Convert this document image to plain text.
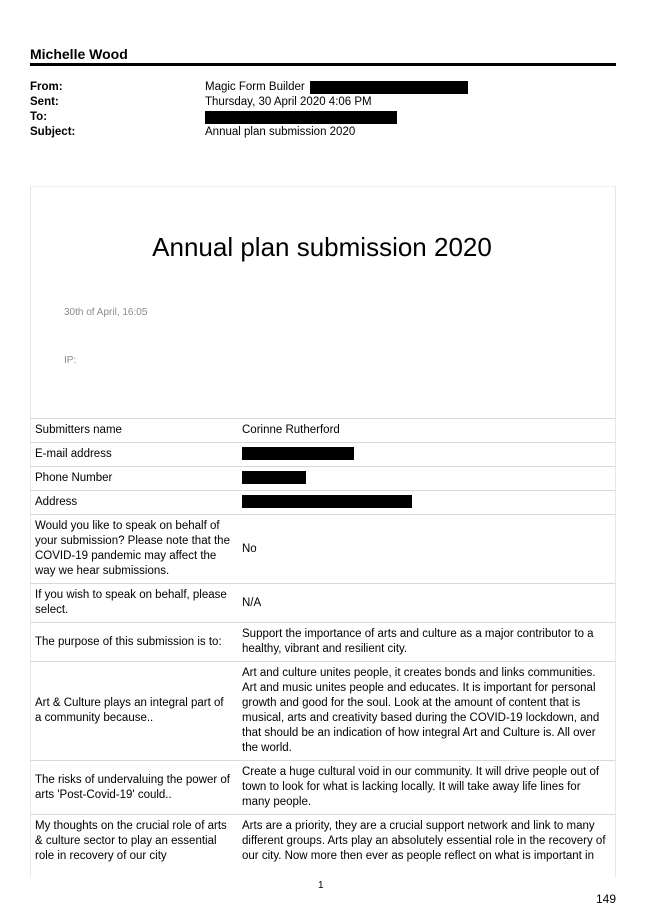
Michelle Wood
From:	Magic Form Builder
Sent:	Thursday, 30 April 2020 4:06 PM
To:
Subject:	Annual plan submission 2020
Annual plan submission 2020
30th of April, 16:05
IP:
Submitters name	Corinne Rutherford
E-mail address	
Phone Number	
Address	
Would you like to speak on behalf of your submission? Please note that the COVID-19 pandemic may affect the way we hear submissions.	No
If you wish to speak on behalf, please select.	N/A
The purpose of this submission is to:	Support the importance of arts and culture as a major contributor to a healthy, vibrant and resilient city.
Art & Culture plays an integral part of a community because..	Art and culture unites people, it creates bonds and links communities. Art and music unites people and educates. It is important for personal growth and good for the soul. Look at the amount of content that is musical, arts and creativity based during the COVID-19 lockdown, and that should be an indication of how integral Art and Culture is. All over the world.
The risks of undervaluing the power of arts 'Post-Covid-19' could..	Create a huge cultural void in our community. It will drive people out of town to look for what is lacking locally. It will take away life lines for many people.
My thoughts on the crucial role of arts & culture sector to play an essential role in recovery of our city	Arts are a priority, they are a crucial support network and link to many different groups. Arts play an absolutely essential role in the recovery of our city. Now more then ever as people reflect on what is important in
1
149
